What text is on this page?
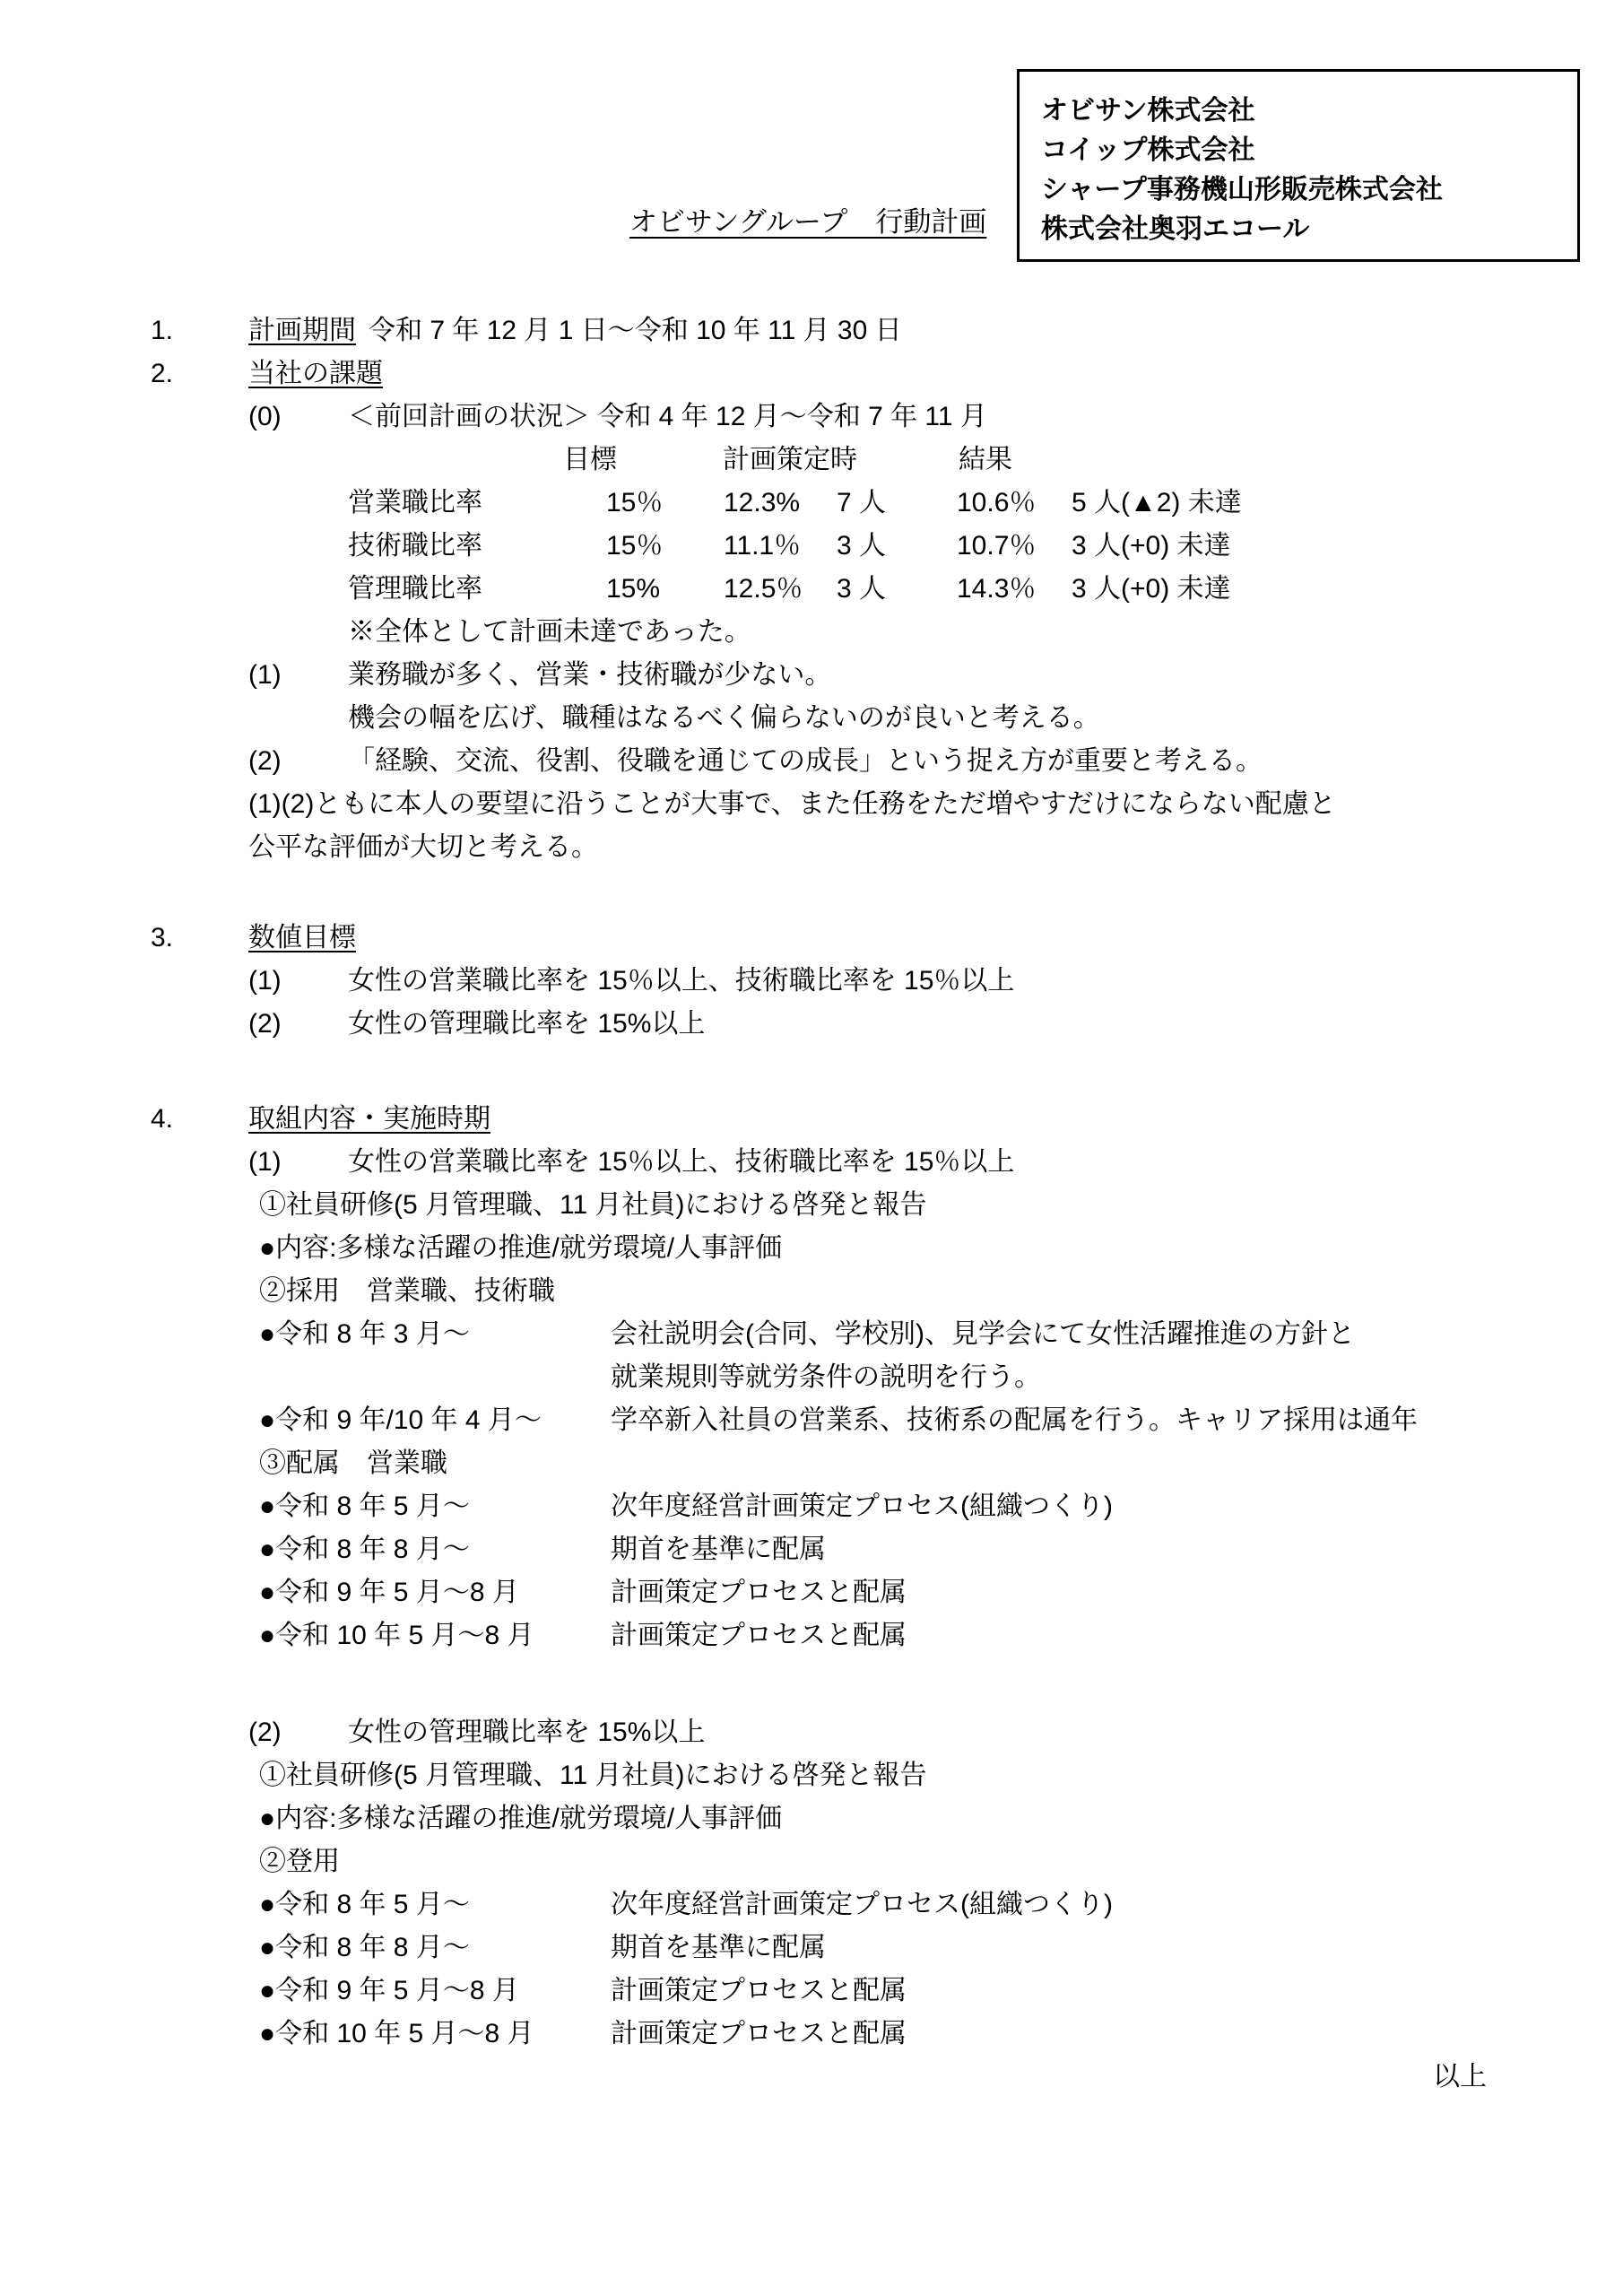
オビサン株式会社
コイップ株式会社
シャープ事務機山形販売株式会社
株式会社奥羽エコール
オビサングループ　行動計画
1.	計画期間 令和 7 年 12 月 1 日～令和 10 年 11 月 30 日
2.	当社の課題
(0) ＜前回計画の状況＞ 令和 4 年 12 月～令和 7 年 11 月
目標	計画策定時	結果
営業職比率	15％	12.3%	7 人	10.6％	5 人(▲2) 未達
技術職比率	15％	11.1％	3 人	10.7％	3 人(+0) 未達
管理職比率	15%	12.5％	3 人	14.3％	3 人(+0) 未達
※全体として計画未達であった。
(1) 業務職が多く、営業・技術職が少ない。
機会の幅を広げ、職種はなるべく偏らないのが良いと考える。
(2) 「経験、交流、役割、役職を通じての成長」という捉え方が重要と考える。
(1)(2)ともに本人の要望に沿うことが大事で、また任務をただ増やすだけにならない配慮と
公平な評価が大切と考える。
3.	数値目標
(1) 女性の営業職比率を 15％以上、技術職比率を 15％以上
(2) 女性の管理職比率を 15%以上
4.	取組内容・実施時期
(1) 女性の営業職比率を 15％以上、技術職比率を 15％以上
①社員研修(5 月管理職、11 月社員)における啓発と報告
●内容:多様な活躍の推進/就労環境/人事評価
②採用　営業職、技術職
●令和 8 年 3 月～	会社説明会(合同、学校別)、見学会にて女性活躍推進の方針と
就業規則等就労条件の説明を行う。
●令和 9 年/10 年 4 月～	学卒新入社員の営業系、技術系の配属を行う。キャリア採用は通年
③配属　営業職
●令和 8 年 5 月～	次年度経営計画策定プロセス(組織つくり)
●令和 8 年 8 月～	期首を基準に配属
●令和 9 年 5 月～8 月	計画策定プロセスと配属
●令和 10 年 5 月～8 月	計画策定プロセスと配属
(2) 女性の管理職比率を 15%以上
①社員研修(5 月管理職、11 月社員)における啓発と報告
●内容:多様な活躍の推進/就労環境/人事評価
②登用
●令和 8 年 5 月～	次年度経営計画策定プロセス(組織つくり)
●令和 8 年 8 月～	期首を基準に配属
●令和 9 年 5 月～8 月	計画策定プロセスと配属
●令和 10 年 5 月～8 月	計画策定プロセスと配属
以上
